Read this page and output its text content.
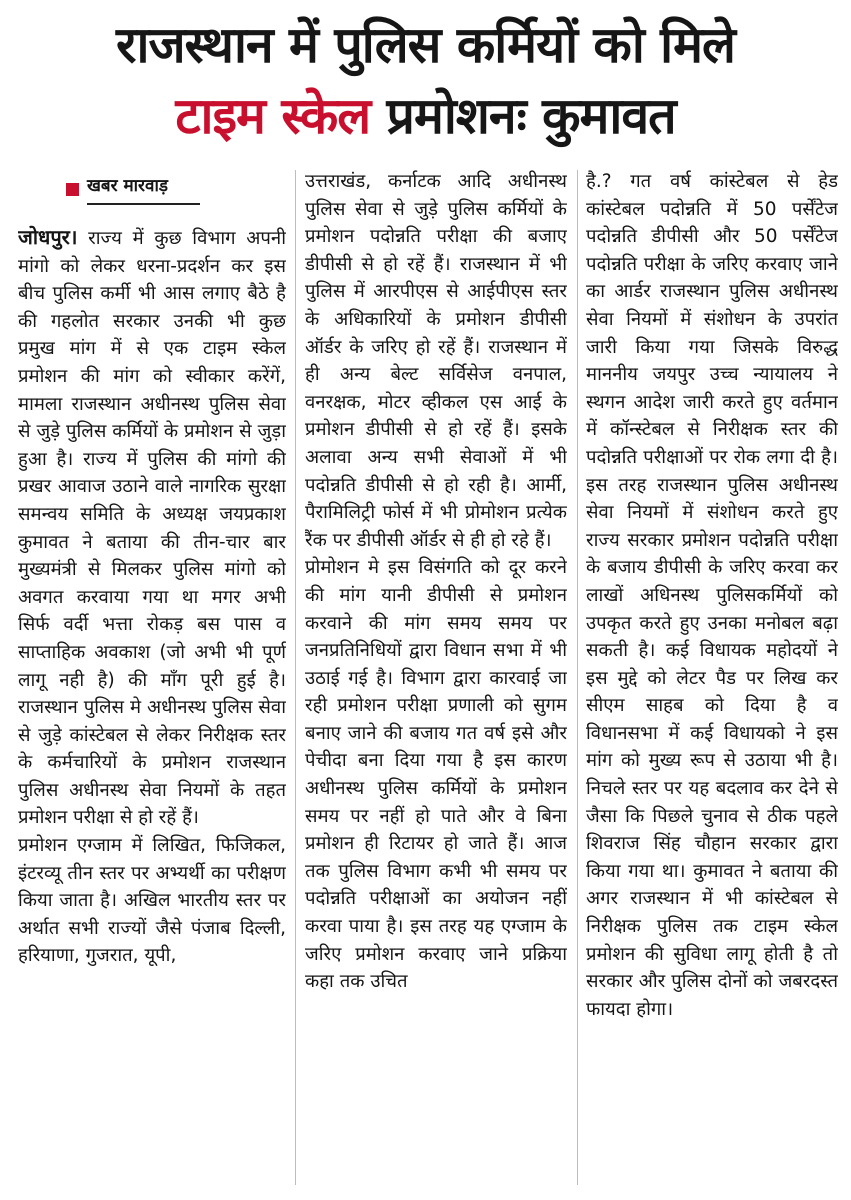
राजस्थान में पुलिस कर्मियों को मिले
टाइम स्केल प्रमोशनः कुमावत
खबर मारवाड़

जोधपुर। राज्य में कुछ विभाग अपनी मांगो को लेकर धरना-प्रदर्शन कर इस बीच पुलिस कर्मी भी आस लगाए बैठे है की गहलोत सरकार उनकी भी कुछ प्रमुख मांग में से एक टाइम स्केल प्रमोशन की मांग को स्वीकार करेंगें, मामला राजस्थान अधीनस्थ पुलिस सेवा से जुड़े पुलिस कर्मियों के प्रमोशन से जुड़ा हुआ है। राज्य में पुलिस की मांगो की प्रखर आवाज उठाने वाले नागरिक सुरक्षा समन्वय समिति के अध्यक्ष जयप्रकाश कुमावत ने बताया की तीन-चार बार मुख्यमंत्री से मिलकर पुलिस मांगो को अवगत करवाया गया था मगर अभी सिर्फ वर्दी भत्ता रोकड़ बस पास व साप्ताहिक अवकाश (जो अभी भी पूर्ण लागू नही है) की माँग पूरी हुई है। राजस्थान पुलिस मे अधीनस्थ पुलिस सेवा से जुड़े कांस्टेबल से लेकर निरीक्षक स्तर के कर्मचारियों के प्रमोशन राजस्थान पुलिस अधीनस्थ सेवा नियमों के तहत प्रमोशन परीक्षा से हो रहें हैं।

प्रमोशन एग्जाम में लिखित, फिजिकल, इंटरव्यू तीन स्तर पर अभ्यर्थी का परीक्षण किया जाता है। अखिल भारतीय स्तर पर अर्थात सभी राज्यों जैसे पंजाब दिल्ली, हरियाणा, गुजरात, यूपी,

उत्तराखंड, कर्नाटक आदि अधीनस्थ पुलिस सेवा से जुड़े पुलिस कर्मियों के प्रमोशन पदोन्नति परीक्षा की बजाए डीपीसी से हो रहें हैं। राजस्थान में भी पुलिस में आरपीएस से आईपीएस स्तर के अधिकारियों के प्रमोशन डीपीसी ऑर्डर के जरिए हो रहें हैं। राजस्थान में ही अन्य बेल्ट सर्विसेज वनपाल, वनरक्षक, मोटर व्हीकल एस आई के प्रमोशन डीपीसी से हो रहें हैं। इसके अलावा अन्य सभी सेवाओं में भी पदोन्नति डीपीसी से हो रही है। आर्मी, पैरामिलिट्री फोर्स में भी प्रोमोशन प्रत्येक रैंक पर डीपीसी ऑर्डर से ही हो रहे हैं।

प्रोमोशन मे इस विसंगति को दूर करने की मांग यानी डीपीसी से प्रमोशन करवाने की मांग समय समय पर जनप्रतिनिधियों द्वारा विधान सभा में भी उठाई गई है। विभाग द्वारा कारवाई जा रही प्रमोशन परीक्षा प्रणाली को सुगम बनाए जाने की बजाय गत वर्ष इसे और पेचीदा बना दिया गया है इस कारण अधीनस्थ पुलिस कर्मियों के प्रमोशन समय पर नहीं हो पाते और वे बिना प्रमोशन ही रिटायर हो जाते हैं। आज तक पुलिस विभाग कभी भी समय पर पदोन्नति परीक्षाओं का अयोजन नहीं करवा पाया है। इस तरह यह एग्जाम के जरिए प्रमोशन करवाए जाने प्रक्रिया कहा तक उचित

है.? गत वर्ष कांस्टेबल से हेड कांस्टेबल पदोन्नति में 50 पर्सेंटेज पदोन्नति डीपीसी और 50 पर्सेंटेज पदोन्नति परीक्षा के जरिए करवाए जाने का आर्डर राजस्थान पुलिस अधीनस्थ सेवा नियमों में संशोधन के उपरांत जारी किया गया जिसके विरुद्ध माननीय जयपुर उच्च न्यायालय ने स्थगन आदेश जारी करते हुए वर्तमान में कॉन्स्टेबल से निरीक्षक स्तर की पदोन्नति परीक्षाओं पर रोक लगा दी है। इस तरह राजस्थान पुलिस अधीनस्थ सेवा नियमों में संशोधन करते हुए राज्य सरकार प्रमोशन पदोन्नति परीक्षा के बजाय डीपीसी के जरिए करवा कर लाखों अधिनस्थ पुलिसकर्मियों को उपकृत करते हुए उनका मनोबल बढ़ा सकती है। कई विधायक महोदयों ने इस मुद्दे को लेटर पैड पर लिख कर सीएम साहब को दिया है व विधानसभा में कई विधायको ने इस मांग को मुख्य रूप से उठाया भी है। निचले स्तर पर यह बदलाव कर देने से जैसा कि पिछले चुनाव से ठीक पहले शिवराज सिंह चौहान सरकार द्वारा किया गया था। कुमावत ने बताया की अगर राजस्थान में भी कांस्टेबल से निरीक्षक पुलिस तक टाइम स्केल प्रमोशन की सुविधा लागू होती है तो सरकार और पुलिस दोनों को जबरदस्त फायदा होगा।
